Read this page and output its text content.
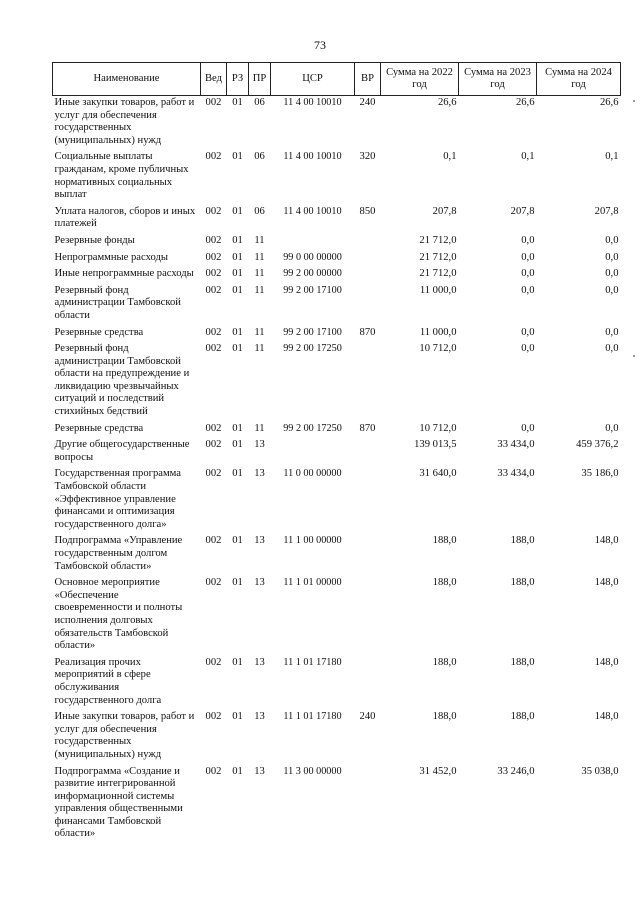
73
Наименование	Вед	РЗ	ПР	ЦСР	ВР	Сумма на 2022 год	Сумма на 2023 год	Сумма на 2024 год
Иные закупки товаров, работ и услуг для обеспечения государственных (муниципальных) нужд	002	01	06	11 4 00 10010	240	26,6	26,6	26,6
Социальные выплаты гражданам, кроме публичных нормативных социальных выплат	002	01	06	11 4 00 10010	320	0,1	0,1	0,1
Уплата налогов, сборов и иных платежей	002	01	06	11 4 00 10010	850	207,8	207,8	207,8
Резервные фонды	002	01	11			21 712,0	0,0	0,0
Непрограммные расходы	002	01	11	99 0 00 00000		21 712,0	0,0	0,0
Иные непрограммные расходы	002	01	11	99 2 00 00000		21 712,0	0,0	0,0
Резервный фонд администрации Тамбовской области	002	01	11	99 2 00 17100		11 000,0	0,0	0,0
Резервные средства	002	01	11	99 2 00 17100	870	11 000,0	0,0	0,0
Резервный фонд администрации Тамбовской области на предупреждение и ликвидацию чрезвычайных ситуаций и последствий стихийных бедствий	002	01	11	99 2 00 17250		10 712,0	0,0	0,0
Резервные средства	002	01	11	99 2 00 17250	870	10 712,0	0,0	0,0
Другие общегосударственные вопросы	002	01	13			139 013,5	33 434,0	459 376,2
Государственная программа Тамбовской области «Эффективное управление финансами и оптимизация государственного долга»	002	01	13	11 0 00 00000		31 640,0	33 434,0	35 186,0
Подпрограмма «Управление государственным долгом Тамбовской области»	002	01	13	11 1 00 00000		188,0	188,0	148,0
Основное мероприятие «Обеспечение своевременности и полноты исполнения долговых обязательств Тамбовской области»	002	01	13	11 1 01 00000		188,0	188,0	148,0
Реализация прочих мероприятий в сфере обслуживания государственного долга	002	01	13	11 1 01 17180		188,0	188,0	148,0
Иные закупки товаров, работ и услуг для обеспечения государственных (муниципальных) нужд	002	01	13	11 1 01 17180	240	188,0	188,0	148,0
Подпрограмма «Создание и развитие интегрированной информационной системы управления общественными финансами Тамбовской области»	002	01	13	11 3 00 00000		31 452,0	33 246,0	35 038,0
